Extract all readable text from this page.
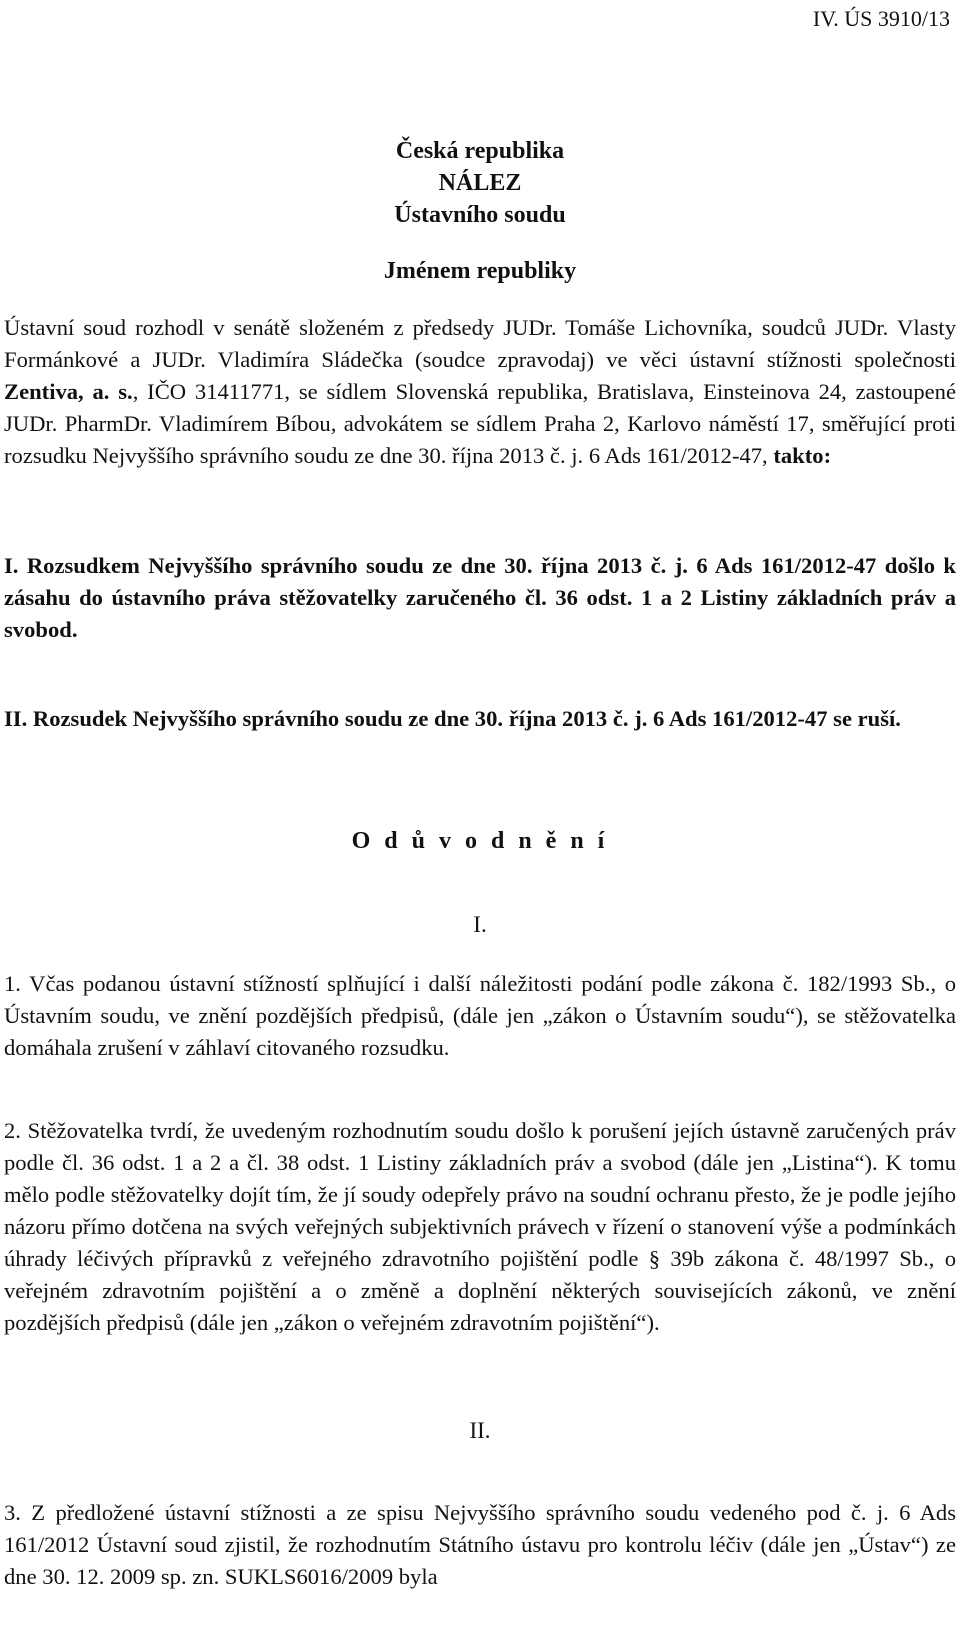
IV. ÚS 3910/13
Česká republika
NÁLEZ
Ústavního soudu
Jménem republiky
Ústavní soud rozhodl v senátě složeném z předsedy JUDr. Tomáše Lichovníka, soudců JUDr. Vlasty Formánkové a JUDr. Vladimíra Sládečka (soudce zpravodaj) ve věci ústavní stížnosti společnosti Zentiva, a. s., IČO 31411771, se sídlem Slovenská republika, Bratislava, Einsteinova 24, zastoupené JUDr. PharmDr. Vladimírem Bíbou, advokátem se sídlem Praha 2, Karlovo náměstí 17, směřující proti rozsudku Nejvyššího správního soudu ze dne 30. října 2013 č. j. 6 Ads 161/2012-47, takto:
I. Rozsudkem Nejvyššího správního soudu ze dne 30. října 2013 č. j. 6 Ads 161/2012-47 došlo k zásahu do ústavního práva stěžovatelky zaručeného čl. 36 odst. 1 a 2 Listiny základních práv a svobod.
II. Rozsudek Nejvyššího správního soudu ze dne 30. října 2013 č. j. 6 Ads 161/2012-47 se ruší.
O d ů v o d n ě n í
I.
1. Včas podanou ústavní stížností splňující i další náležitosti podání podle zákona č. 182/1993 Sb., o Ústavním soudu, ve znění pozdějších předpisů, (dále jen „zákon o Ústavním soudu“), se stěžovatelka domáhala zrušení v záhlaví citovaného rozsudku.
2. Stěžovatelka tvrdí, že uvedeným rozhodnutím soudu došlo k porušení jejích ústavně zaručených práv podle čl. 36 odst. 1 a 2 a čl. 38 odst. 1 Listiny základních práv a svobod (dále jen „Listina“). K tomu mělo podle stěžovatelky dojít tím, že jí soudy odepřely právo na soudní ochranu přesto, že je podle jejího názoru přímo dotčena na svých veřejných subjektivních právech v řízení o stanovení výše a podmínkách úhrady léčivých přípravků z veřejného zdravotního pojištění podle § 39b zákona č. 48/1997 Sb., o veřejném zdravotním pojištění a o změně a doplnění některých souvisejících zákonů, ve znění pozdějších předpisů (dále jen „zákon o veřejném zdravotním pojištění“).
II.
3. Z předložené ústavní stížnosti a ze spisu Nejvyššího správního soudu vedeného pod č. j. 6 Ads 161/2012 Ústavní soud zjistil, že rozhodnutím Státního ústavu pro kontrolu léčiv (dále jen „Ústav“) ze dne 30. 12. 2009 sp. zn. SUKLS6016/2009 byla
